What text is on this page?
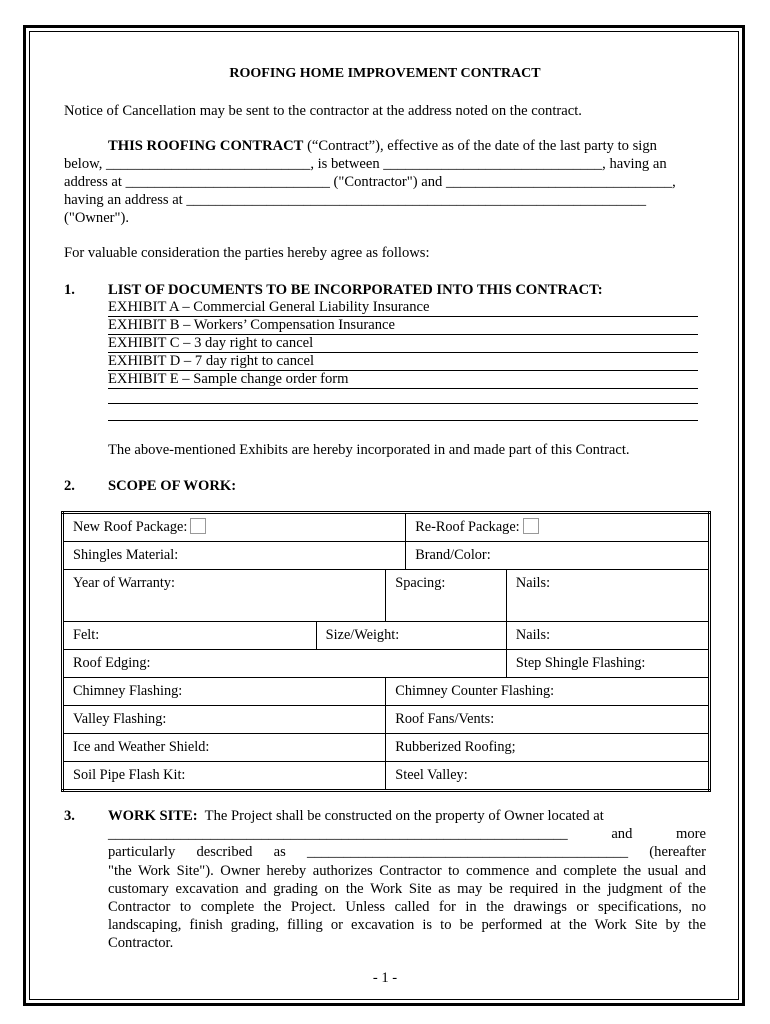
ROOFING HOME IMPROVEMENT CONTRACT
Notice of Cancellation may be sent to the contractor at the address noted on the contract.
THIS ROOFING CONTRACT (“Contract”), effective as of the date of the last party to sign
below, ____________________________, is between ______________________________, having an
address at ____________________________ ("Contractor") and _______________________________,
having an address at _______________________________________________________________
("Owner").
For valuable consideration the parties hereby agree as follows:
1. LIST OF DOCUMENTS TO BE INCORPORATED INTO THIS CONTRACT:
EXHIBIT A – Commercial General Liability Insurance
EXHIBIT B – Workers’ Compensation Insurance
EXHIBIT C – 3 day right to cancel
EXHIBIT D – 7 day right to cancel
EXHIBIT E – Sample change order form
The above-mentioned Exhibits are hereby incorporated in and made part of this Contract.
2. SCOPE OF WORK:
New Roof Package:			Re-Roof Package:	
Shingles Material:			Brand/Color:	
Year of Warranty:		Spacing:		Nails:
Felt:	Size/Weight:			Nails:
Roof Edging:				Step Shingle Flashing:
Chimney Flashing:		Chimney Counter Flashing:		
Valley Flashing:		Roof Fans/Vents:		
Ice and Weather Shield:		Rubberized Roofing;		
Soil Pipe Flash Kit:		Steel Valley:		
3. WORK SITE: The Project shall be constructed on the property of Owner located at
_______________________________________________________________ and more
particularly described as ____________________________________________ (hereafter
"the Work Site"). Owner hereby authorizes Contractor to commence and complete the usual and customary excavation and grading on the Work Site as may be required in the judgment of the Contractor to complete the Project. Unless called for in the drawings or specifications, no landscaping, finish grading, filling or excavation is to be performed at the Work Site by the Contractor.
- 1 -
